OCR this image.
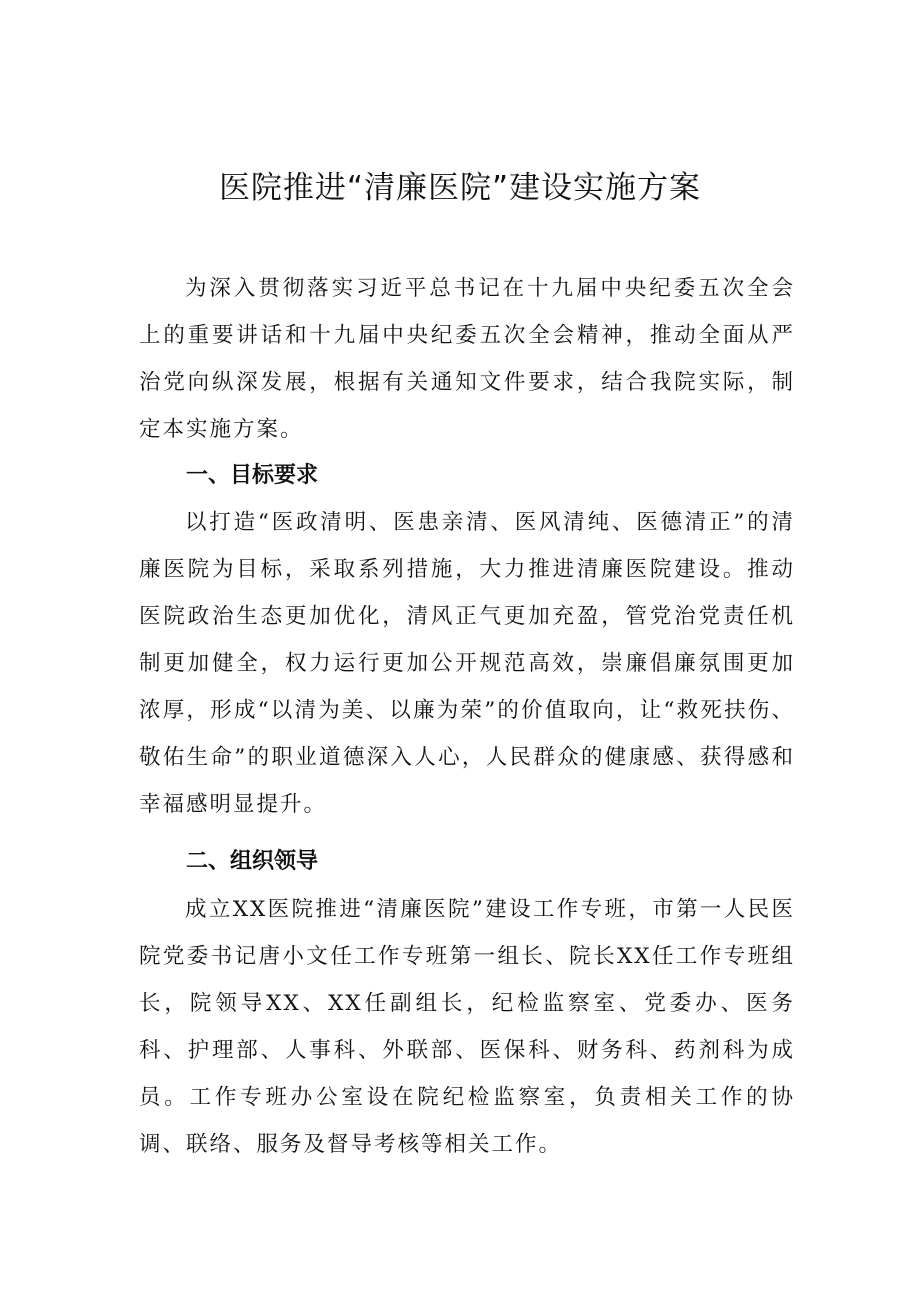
医院推进“清廉医院”建设实施方案

为深入贯彻落实习近平总书记在十九届中央纪委五次全会上的重要讲话和十九届中央纪委五次全会精神，推动全面从严治党向纵深发展，根据有关通知文件要求，结合我院实际，制定本实施方案。

一、目标要求

以打造“医政清明、医患亲清、医风清纯、医德清正”的清廉医院为目标，采取系列措施，大力推进清廉医院建设。推动医院政治生态更加优化，清风正气更加充盈，管党治党责任机制更加健全，权力运行更加公开规范高效，崇廉倡廉氛围更加浓厚，形成“以清为美、以廉为荣”的价值取向，让“救死扶伤、敬佑生命”的职业道德深入人心，人民群众的健康感、获得感和幸福感明显提升。

二、组织领导

成立XX医院推进“清廉医院”建设工作专班，市第一人民医院党委书记唐小文任工作专班第一组长、院长XX任工作专班组长，院领导XX、XX任副组长，纪检监察室、党委办、医务科、护理部、人事科、外联部、医保科、财务科、药剂科为成员。工作专班办公室设在院纪检监察室，负责相关工作的协调、联络、服务及督导考核等相关工作。
